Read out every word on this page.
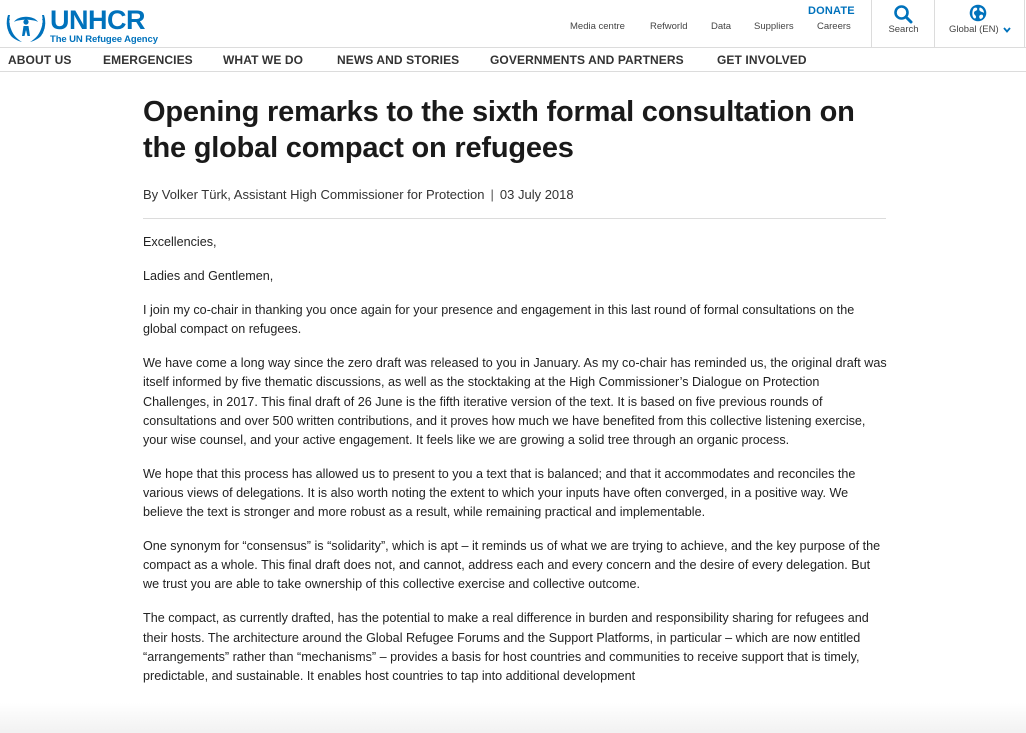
UNHCR
The UN Refugee Agency
DONATE
Media centre	Refworld Data Suppliers Careers	Search	Global (EN)
ABOUT US	EMERGENCIES	WHAT WE DO	NEWS AND STORIES	GOVERNMENTS AND PARTNERS	GET INVOLVED
Opening remarks to the sixth formal consultation on the global compact on refugees
By Volker Türk, Assistant High Commissioner for Protection | 03 July 2018

Excellencies,

Ladies and Gentlemen,

I join my co-chair in thanking you once again for your presence and engagement in this last round of formal consultations on the global compact on refugees.

We have come a long way since the zero draft was released to you in January. As my co-chair has reminded us, the original draft was itself informed by five thematic discussions, as well as the stocktaking at the High Commissioner’s Dialogue on Protection Challenges, in 2017. This final draft of 26 June is the fifth iterative version of the text. It is based on five previous rounds of consultations and over 500 written contributions, and it proves how much we have benefited from this collective listening exercise, your wise counsel, and your active engagement. It feels like we are growing a solid tree through an organic process.

We hope that this process has allowed us to present to you a text that is balanced; and that it accommodates and reconciles the various views of delegations. It is also worth noting the extent to which your inputs have often converged, in a positive way. We believe the text is stronger and more robust as a result, while remaining practical and implementable.

One synonym for “consensus” is “solidarity”, which is apt – it reminds us of what we are trying to achieve, and the key purpose of the compact as a whole. This final draft does not, and cannot, address each and every concern and the desire of every delegation. But we trust you are able to take ownership of this collective exercise and collective outcome.

The compact, as currently drafted, has the potential to make a real difference in burden and responsibility sharing for refugees and their hosts. The architecture around the Global Refugee Forums and the Support Platforms, in particular – which are now entitled “arrangements” rather than “mechanisms” – provides a basis for host countries and communities to receive support that is timely, predictable, and sustainable. It enables host countries to tap into additional development
